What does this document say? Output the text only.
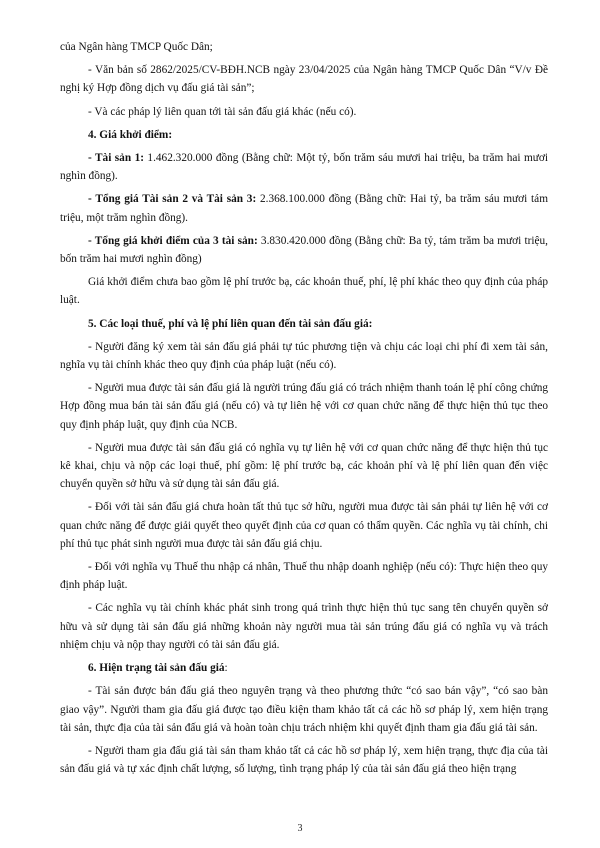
của Ngân hàng TMCP Quốc Dân;

- Văn bản số 2862/2025/CV-BĐH.NCB ngày 23/04/2025 của Ngân hàng TMCP Quốc Dân “V/v Đề nghị ký Hợp đồng dịch vụ đấu giá tài sản”;

- Và các pháp lý liên quan tới tài sản đấu giá khác (nếu có).

4. Giá khởi điểm:

- Tài sản 1: 1.462.320.000 đồng (Bằng chữ: Một tỷ, bốn trăm sáu mươi hai triệu, ba trăm hai mươi nghìn đồng).

- Tổng giá Tài sản 2 và Tài sản 3: 2.368.100.000 đồng (Bằng chữ: Hai tỷ, ba trăm sáu mươi tám triệu, một trăm nghìn đồng).

- Tổng giá khởi điểm của 3 tài sản: 3.830.420.000 đồng (Bằng chữ: Ba tỷ, tám trăm ba mươi triệu, bốn trăm hai mươi nghìn đồng)

Giá khởi điểm chưa bao gồm lệ phí trước bạ, các khoản thuế, phí, lệ phí khác theo quy định của pháp luật.

5. Các loại thuế, phí và lệ phí liên quan đến tài sản đấu giá:

- Người đăng ký xem tài sản đấu giá phải tự túc phương tiện và chịu các loại chi phí đi xem tài sản, nghĩa vụ tài chính khác theo quy định của pháp luật (nếu có).

- Người mua được tài sản đấu giá là người trúng đấu giá có trách nhiệm thanh toán lệ phí công chứng Hợp đồng mua bán tài sản đấu giá (nếu có) và tự liên hệ với cơ quan chức năng để thực hiện thủ tục theo quy định pháp luật, quy định của NCB.

- Người mua được tài sản đấu giá có nghĩa vụ tự liên hệ với cơ quan chức năng để thực hiện thủ tục kê khai, chịu và nộp các loại thuế, phí gồm: lệ phí trước bạ, các khoản phí và lệ phí liên quan đến việc chuyển quyền sở hữu và sử dụng tài sản đấu giá.

- Đối với tài sản đấu giá chưa hoàn tất thủ tục sở hữu, người mua được tài sản phải tự liên hệ với cơ quan chức năng để được giải quyết theo quyết định của cơ quan có thẩm quyền. Các nghĩa vụ tài chính, chi phí thủ tục phát sinh người mua được tài sản đấu giá chịu.

- Đối với nghĩa vụ Thuế thu nhập cá nhân, Thuế thu nhập doanh nghiệp (nếu có): Thực hiện theo quy định pháp luật.

- Các nghĩa vụ tài chính khác phát sinh trong quá trình thực hiện thủ tục sang tên chuyển quyền sở hữu và sử dụng tài sản đấu giá những khoản này người mua tài sản trúng đấu giá có nghĩa vụ và trách nhiệm chịu và nộp thay người có tài sản đấu giá.

6. Hiện trạng tài sản đấu giá:

- Tài sản được bán đấu giá theo nguyên trạng và theo phương thức “có sao bán vậy”, “có sao bàn giao vậy”. Người tham gia đấu giá được tạo điều kiện tham khảo tất cả các hồ sơ pháp lý, xem hiện trạng tài sản, thực địa của tài sản đấu giá và hoàn toàn chịu trách nhiệm khi quyết định tham gia đấu giá tài sản.

- Người tham gia đấu giá tài sản tham khảo tất cả các hồ sơ pháp lý, xem hiện trạng, thực địa của tài sản đấu giá và tự xác định chất lượng, số lượng, tình trạng pháp lý của tài sản đấu giá theo hiện trạng

3
